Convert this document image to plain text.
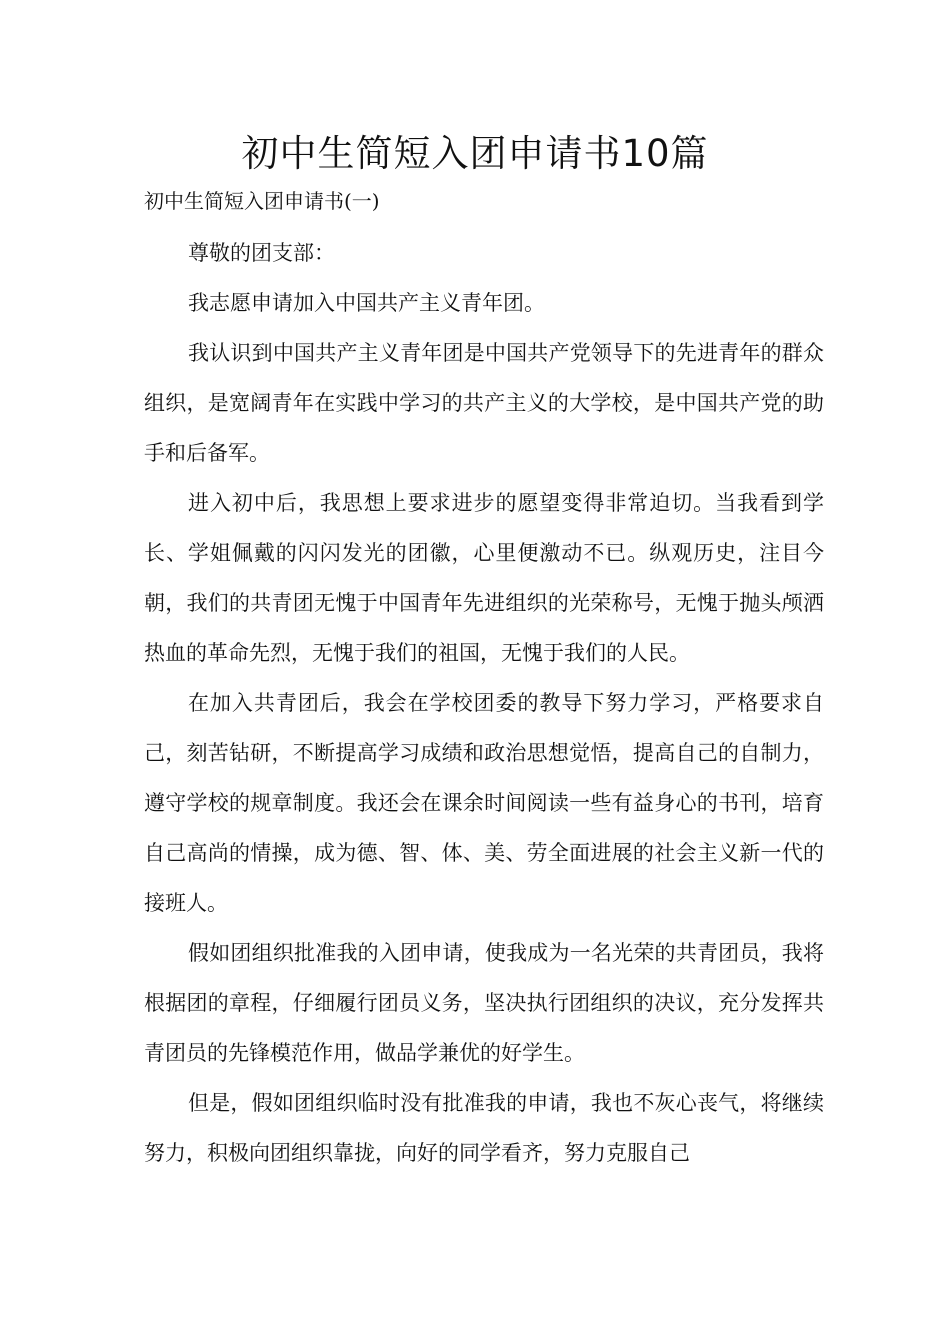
初中生简短入团申请书10篇

初中生简短入团申请书(一)

尊敬的团支部：

我志愿申请加入中国共产主义青年团。

我认识到中国共产主义青年团是中国共产党领导下的先进青年的群众组织，是宽阔青年在实践中学习的共产主义的大学校，是中国共产党的助手和后备军。

进入初中后，我思想上要求进步的愿望变得非常迫切。当我看到学长、学姐佩戴的闪闪发光的团徽，心里便激动不已。纵观历史，注目今朝，我们的共青团无愧于中国青年先进组织的光荣称号，无愧于抛头颅洒热血的革命先烈，无愧于我们的祖国，无愧于我们的人民。

在加入共青团后，我会在学校团委的教导下努力学习，严格要求自己，刻苦钻研，不断提高学习成绩和政治思想觉悟，提高自己的自制力，遵守学校的规章制度。我还会在课余时间阅读一些有益身心的书刊，培育自己高尚的情操，成为德、智、体、美、劳全面进展的社会主义新一代的接班人。

假如团组织批准我的入团申请，使我成为一名光荣的共青团员，我将根据团的章程，仔细履行团员义务，坚决执行团组织的决议，充分发挥共青团员的先锋模范作用，做品学兼优的好学生。

但是，假如团组织临时没有批准我的申请，我也不灰心丧气，将继续努力，积极向团组织靠拢，向好的同学看齐，努力克服自己
